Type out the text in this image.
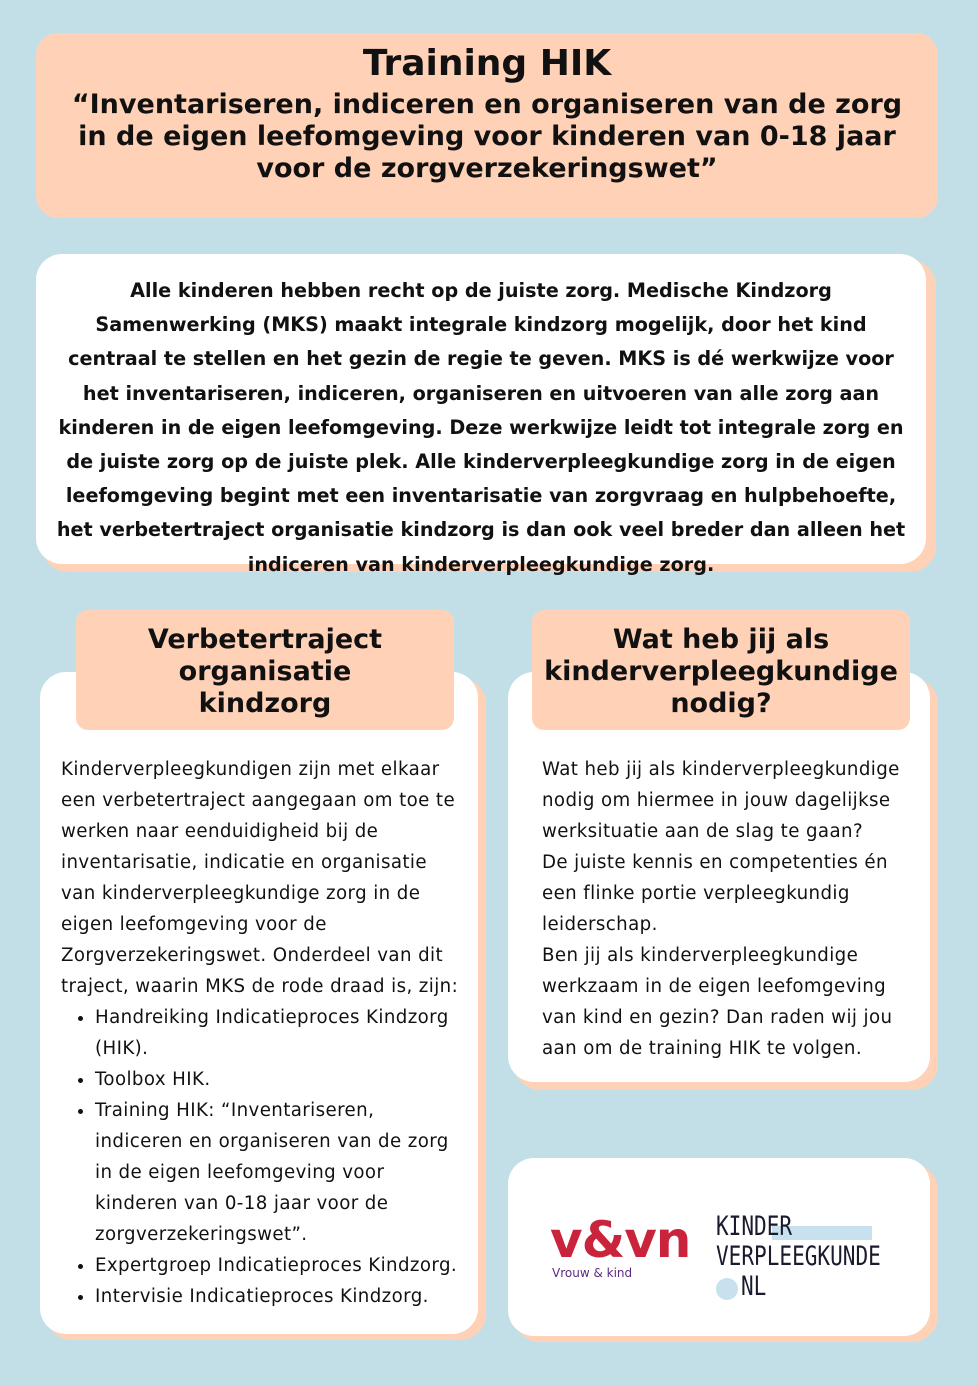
Training HIK
“Inventariseren, indiceren en organiseren van de zorg in de eigen leefomgeving voor kinderen van 0-18 jaar voor de zorgverzekeringswet”
Alle kinderen hebben recht op de juiste zorg. Medische Kindzorg Samenwerking (MKS) maakt integrale kindzorg mogelijk, door het kind centraal te stellen en het gezin de regie te geven. MKS is dé werkwijze voor het inventariseren, indiceren, organiseren en uitvoeren van alle zorg aan kinderen in de eigen leefomgeving. Deze werkwijze leidt tot integrale zorg en de juiste zorg op de juiste plek. Alle kinderverpleegkundige zorg in de eigen leefomgeving begint met een inventarisatie van zorgvraag en hulpbehoefte, het verbetertraject organisatie kindzorg is dan ook veel breder dan alleen het indiceren van kinderverpleegkundige zorg.

Kinderverpleegkundigen zijn met elkaar een verbetertraject aangegaan om toe te werken naar eenduidigheid bij de inventarisatie, indicatie en organisatie van kinderverpleegkundige zorg in de eigen leefomgeving voor de Zorgverzekeringswet. Onderdeel van dit traject, waarin MKS de rode draad is, zijn:

• Handreiking Indicatieproces Kindzorg (HIK).
• Toolbox HIK.
• Training HIK: “Inventariseren, indiceren en organiseren van de zorg in de eigen leefomgeving voor kinderen van 0-18 jaar voor de zorgverzekeringswet”.
• Expertgroep Indicatieproces Kindzorg.
• Intervisie Indicatieproces Kindzorg.
Verbetertraject
organisatie
kindzorg

Wat heb jij als kinderverpleegkundige nodig om hiermee in jouw dagelijkse werksituatie aan de slag te gaan?

De juiste kennis en competenties én een flinke portie verpleegkundig leiderschap.

Ben jij als kinderverpleegkundige werkzaam in de eigen leefomgeving van kind en gezin? Dan raden wij jou aan om de training HIK te volgen.

Wat heb jij als
kinderverpleegkundige
nodig?
v&vn
Vrouw & kind
KINDER
VERPLEEGKUNDE
NL
